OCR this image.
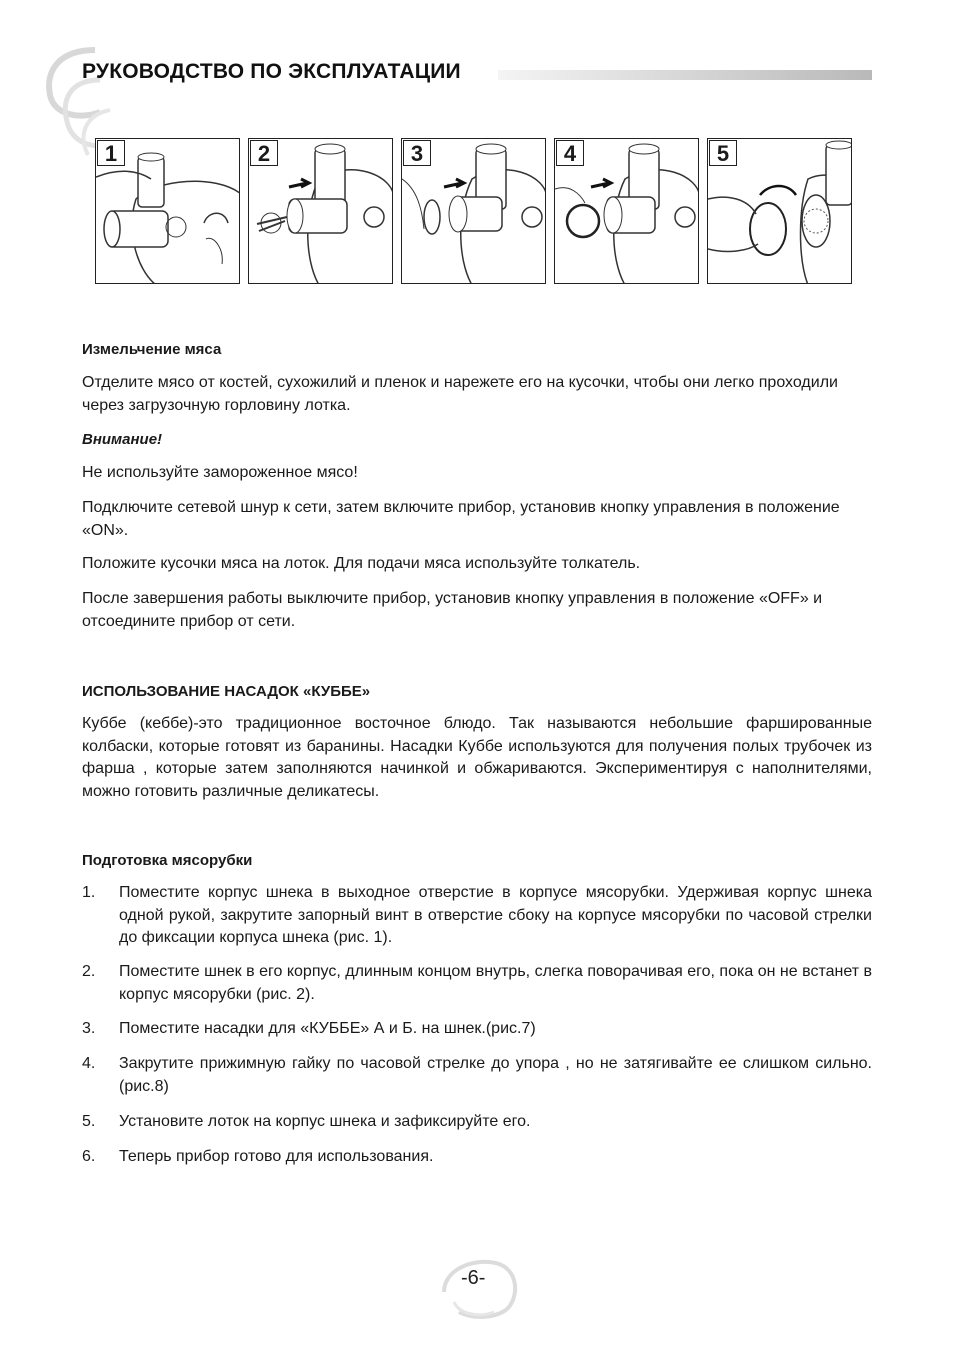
РУКОВОДСТВО ПО ЭКСПЛУАТАЦИИ
1	2	3	4	5

Измельчение мяса

Отделите мясо от костей, сухожилий и пленок и нарежете его на кусочки, чтобы они легко проходили через загрузочную горловину лотка.
Внимание!
Не используйте замороженное мясо!
Подключите сетевой шнур к сети, затем включите прибор, установив кнопку управления в положение «ON».
Положите кусочки мяса на лоток. Для подачи мяса используйте толкатель.
После завершения работы выключите прибор, установив кнопку управления в положение «OFF» и отсоедините прибор от сети.
ИСПОЛЬЗОВАНИЕ НАСАДОК «КУББЕ»
Куббе (кеббе)-это традиционное восточное блюдо. Так называются небольшие фаршированные колбаски, которые готовят из баранины. Насадки Куббе используются для получения полых трубочек из фарша , которые затем заполняются начинкой и обжариваются. Экспериментируя с наполнителями, можно готовить различные деликатесы.
Подготовка мясорубки
1. Поместите корпус шнека в выходное отверстие в корпусе мясорубки. Удерживая корпус шнека одной рукой, закрутите запорный винт в отверстие сбоку на корпусе мясорубки по часовой стрелки до фиксации корпуса шнека (рис. 1).
2. Поместите шнек в его корпус, длинным концом внутрь, слегка поворачивая его, пока он не встанет в корпус мясорубки (рис. 2).
3. Поместите насадки для «КУББЕ» А и Б. на шнек.(рис.7)
4. Закрутите прижимную гайку по часовой стрелке до упора , но не затягивайте ее слишком сильно. (рис.8)
5. Установите лоток на корпус шнека и зафиксируйте его.
6. Теперь прибор готово для использования.
-6-
